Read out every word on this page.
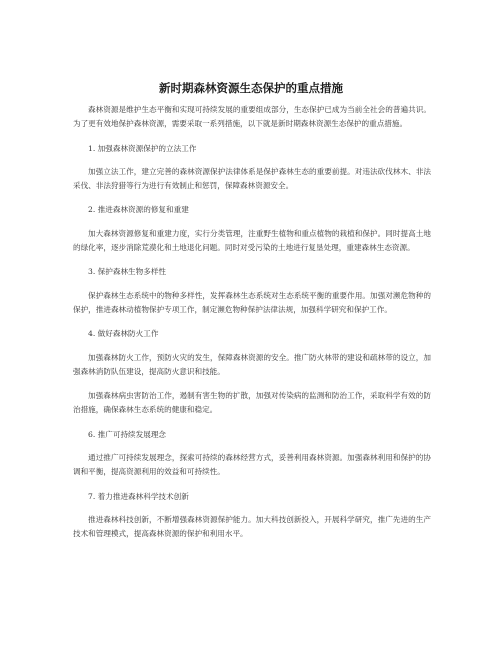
新时期森林资源生态保护的重点措施

森林资源是维护生态平衡和实现可持续发展的重要组成部分，生态保护已成为当前全社会的普遍共识。为了更有效地保护森林资源，需要采取一系列措施，以下就是新时期森林资源生态保护的重点措施。

1. 加强森林资源保护的立法工作

加强立法工作，建立完善的森林资源保护法律体系是保护森林生态的重要前提。对违法砍伐林木、非法采伐、非法狩猎等行为进行有效制止和惩罚，保障森林资源安全。

2. 推进森林资源的修复和重建

加大森林资源修复和重建力度，实行分类管理，注重野生植物和重点植物的栽植和保护。同时提高土地的绿化率，逐步消除荒漠化和土地退化问题。同时对受污染的土地进行复垦处理，重建森林生态资源。

3. 保护森林生物多样性

保护森林生态系统中的物种多样性，发挥森林生态系统对生态系统平衡的重要作用。加强对濒危物种的保护，推进森林动植物保护专项工作，制定濒危物种保护法律法规，加强科学研究和保护工作。

4. 做好森林防火工作

加强森林防火工作，预防火灾的发生，保障森林资源的安全。推广防火林带的建设和疏林带的设立，加强森林消防队伍建设，提高防火意识和技能。

加强森林病虫害防治工作，遏制有害生物的扩散，加强对传染病的监测和防治工作，采取科学有效的防治措施，确保森林生态系统的健康和稳定。

6. 推广可持续发展理念

通过推广可持续发展理念，探索可持续的森林经营方式，妥善利用森林资源。加强森林利用和保护的协调和平衡，提高资源利用的效益和可持续性。

7. 着力推进森林科学技术创新

推进森林科技创新，不断增强森林资源保护能力。加大科技创新投入，开展科学研究，推广先进的生产技术和管理模式，提高森林资源的保护和利用水平。
